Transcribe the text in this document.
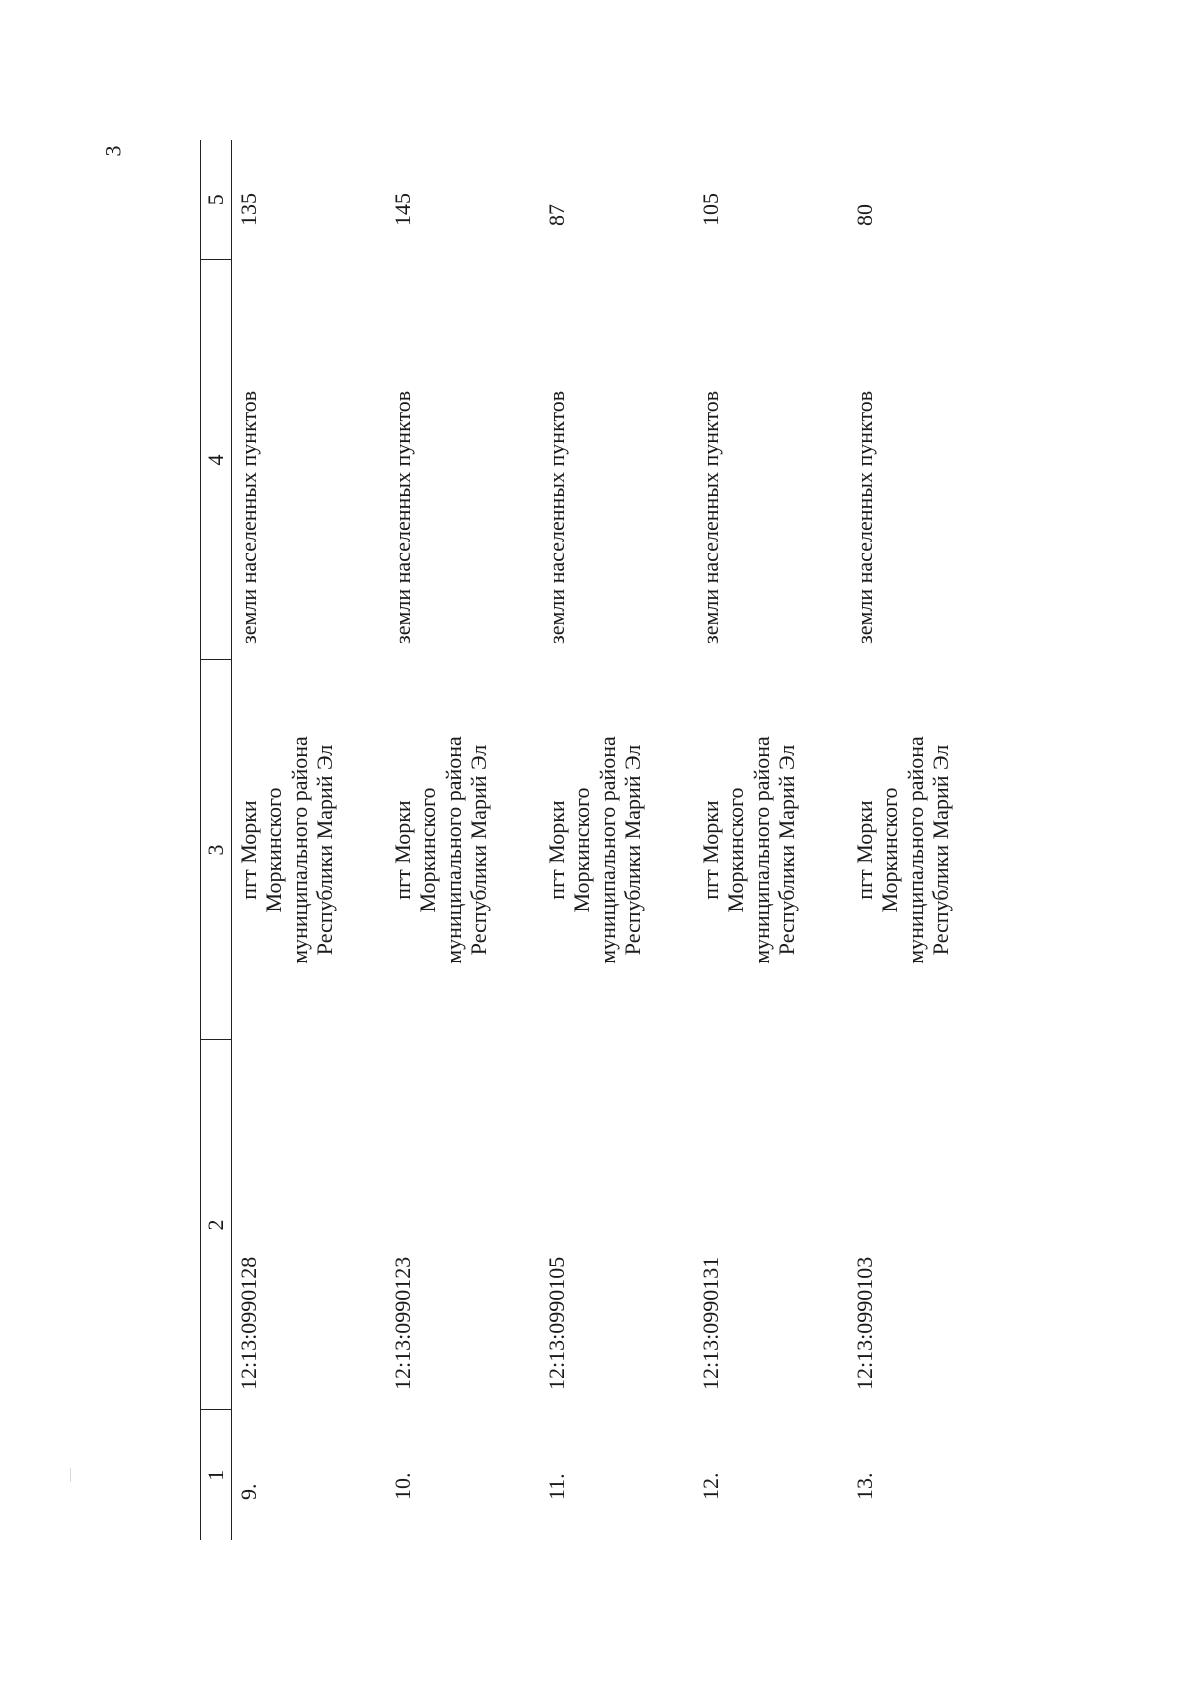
3
1	2	3	4	5
9.	12:13:0990128	пгт Морки Моркинского муниципального района Республики Марий Эл	земли населенных пунктов	135
10.	12:13:0990123	пгт Морки Моркинского муниципального района Республики Марий Эл	земли населенных пунктов	145
11.	12:13:0990105	пгт Морки Моркинского муниципального района Республики Марий Эл	земли населенных пунктов	87
12.	12:13:0990131	пгт Морки Моркинского муниципального района Республики Марий Эл	земли населенных пунктов	105
13.	12:13:0990103	пгт Морки Моркинского муниципального района Республики Марий Эл	земли населенных пунктов	80
